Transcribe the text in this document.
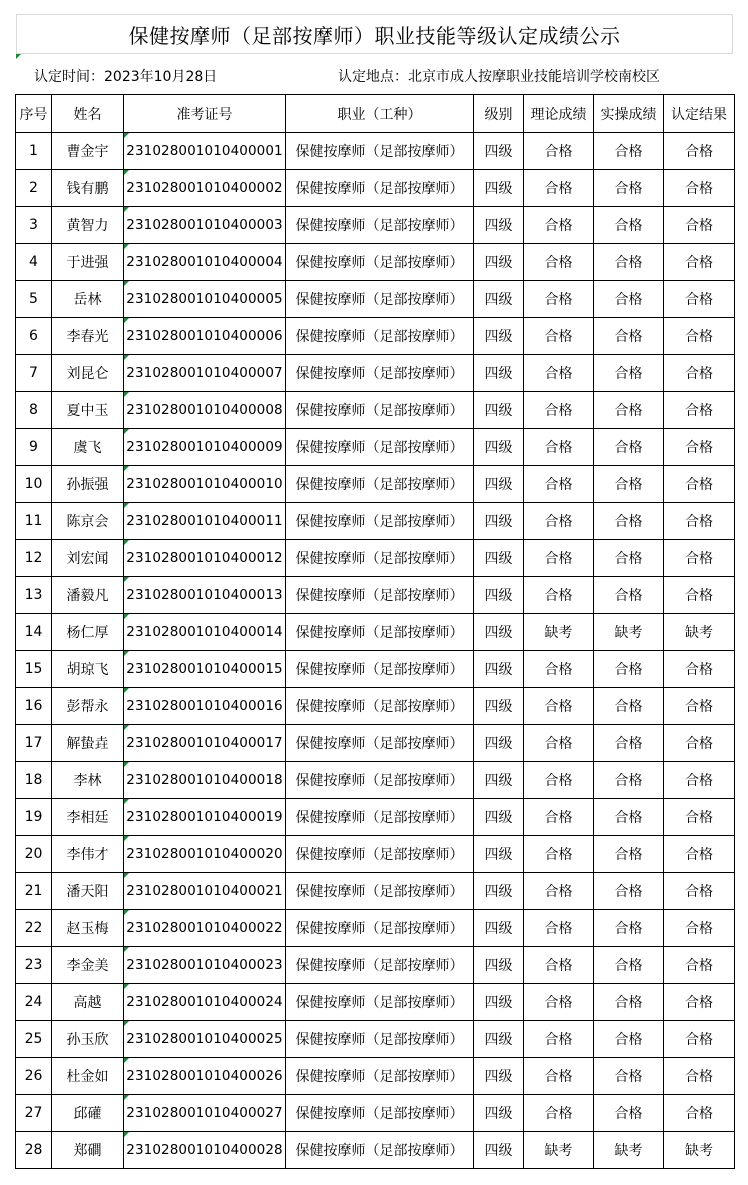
保健按摩师（足部按摩师）职业技能等级认定成绩公示
认定时间：2023年10月28日	认定地点：北京市成人按摩职业技能培训学校南校区
序号	姓名	准考证号	职业（工种）	级别	理论成绩	实操成绩	认定结果
1	曹金宇	231028001010400001	保健按摩师（足部按摩师）	四级	合格	合格	合格
2	钱有鹏	231028001010400002	保健按摩师（足部按摩师）	四级	合格	合格	合格
3	黄智力	231028001010400003	保健按摩师（足部按摩师）	四级	合格	合格	合格
4	于进强	231028001010400004	保健按摩师（足部按摩师）	四级	合格	合格	合格
5	岳林	231028001010400005	保健按摩师（足部按摩师）	四级	合格	合格	合格
6	李春光	231028001010400006	保健按摩师（足部按摩师）	四级	合格	合格	合格
7	刘昆仑	231028001010400007	保健按摩师（足部按摩师）	四级	合格	合格	合格
8	夏中玉	231028001010400008	保健按摩师（足部按摩师）	四级	合格	合格	合格
9	虞飞	231028001010400009	保健按摩师（足部按摩师）	四级	合格	合格	合格
10	孙振强	231028001010400010	保健按摩师（足部按摩师）	四级	合格	合格	合格
11	陈京会	231028001010400011	保健按摩师（足部按摩师）	四级	合格	合格	合格
12	刘宏闻	231028001010400012	保健按摩师（足部按摩师）	四级	合格	合格	合格
13	潘毅凡	231028001010400013	保健按摩师（足部按摩师）	四级	合格	合格	合格
14	杨仁厚	231028001010400014	保健按摩师（足部按摩师）	四级	缺考	缺考	缺考
15	胡琼飞	231028001010400015	保健按摩师（足部按摩师）	四级	合格	合格	合格
16	彭帮永	231028001010400016	保健按摩师（足部按摩师）	四级	合格	合格	合格
17	解蛰垚	231028001010400017	保健按摩师（足部按摩师）	四级	合格	合格	合格
18	李林	231028001010400018	保健按摩师（足部按摩师）	四级	合格	合格	合格
19	李相廷	231028001010400019	保健按摩师（足部按摩师）	四级	合格	合格	合格
20	李伟才	231028001010400020	保健按摩师（足部按摩师）	四级	合格	合格	合格
21	潘天阳	231028001010400021	保健按摩师（足部按摩师）	四级	合格	合格	合格
22	赵玉梅	231028001010400022	保健按摩师（足部按摩师）	四级	合格	合格	合格
23	李金美	231028001010400023	保健按摩师（足部按摩师）	四级	合格	合格	合格
24	高越	231028001010400024	保健按摩师（足部按摩师）	四级	合格	合格	合格
25	孙玉欣	231028001010400025	保健按摩师（足部按摩师）	四级	合格	合格	合格
26	杜金如	231028001010400026	保健按摩师（足部按摩师）	四级	合格	合格	合格
27	邱礶	231028001010400027	保健按摩师（足部按摩师）	四级	合格	合格	合格
28	郑磵	231028001010400028	保健按摩师（足部按摩师）	四级	缺考	缺考	缺考
